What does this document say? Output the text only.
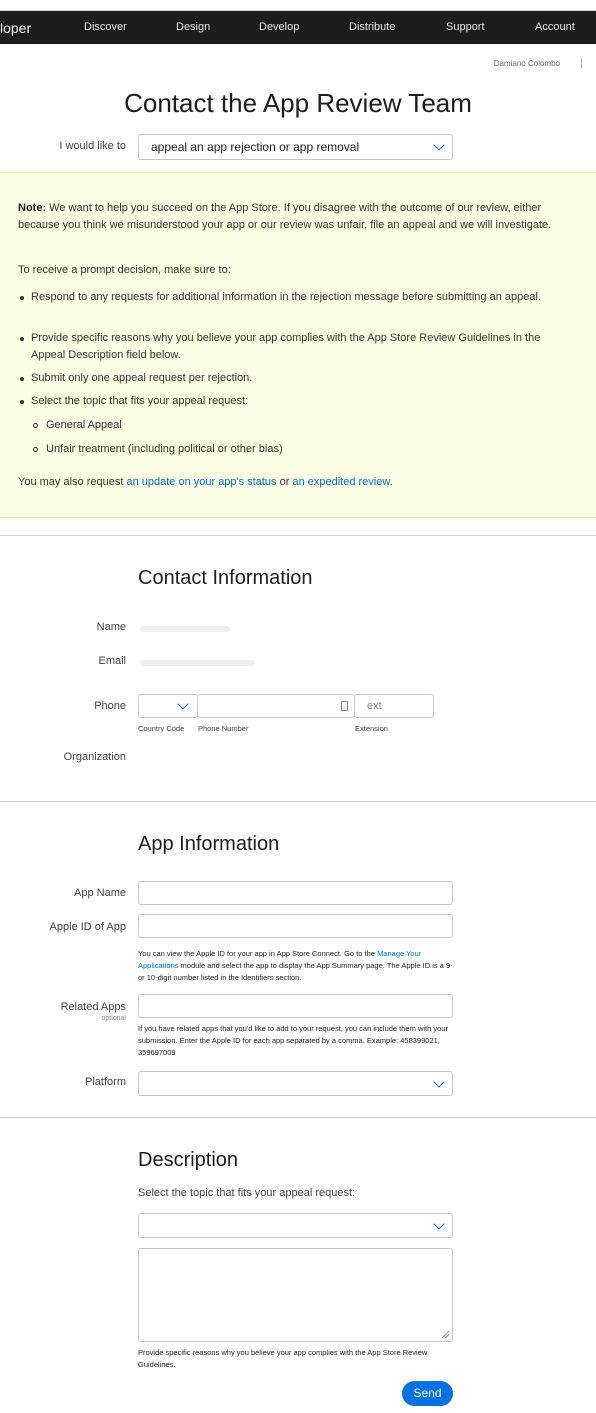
loper	Discover	Design	Develop	Distribute	Support	Account
Damiano Colombo
Contact the App Review Team
I would like to appeal an app rejection or app removal
Note: We want to help you succeed on the App Store. If you disagree with the outcome of our review, either because you think we misunderstood your app or our review was unfair, file an appeal and we will investigate.
To receive a prompt decision, make sure to:
Respond to any requests for additional information in the rejection message before submitting an appeal.
Provide specific reasons why you believe your app complies with the App Store Review Guidelines in the Appeal Description field below.
Submit only one appeal request per rejection.
Select the topic that fits your appeal request:
General Appeal
Unfair treatment (including political or other bias)
You may also request an update on your app's status or an expedited review.
Contact Information
Name
Email
Phone	ext
Country Code Phone Number	Extension
Organization
App Information
App Name
Apple ID of App
You can view the Apple ID for your app in App Store Connect. Go to the Manage Your Applications module and select the app to display the App Summary page. The Apple ID is a 9- or 10-digit number listed in the Identifiers section.
Related Apps
optional
If you have related apps that you'd like to add to your request, you can include them with your submission. Enter the Apple ID for each app separated by a comma. Example: 458399021, 359697009
Platform
Description
Select the topic that fits your appeal request:
Provide specific reasons why you believe your app complies with the App Store Review Guidelines.
Send
